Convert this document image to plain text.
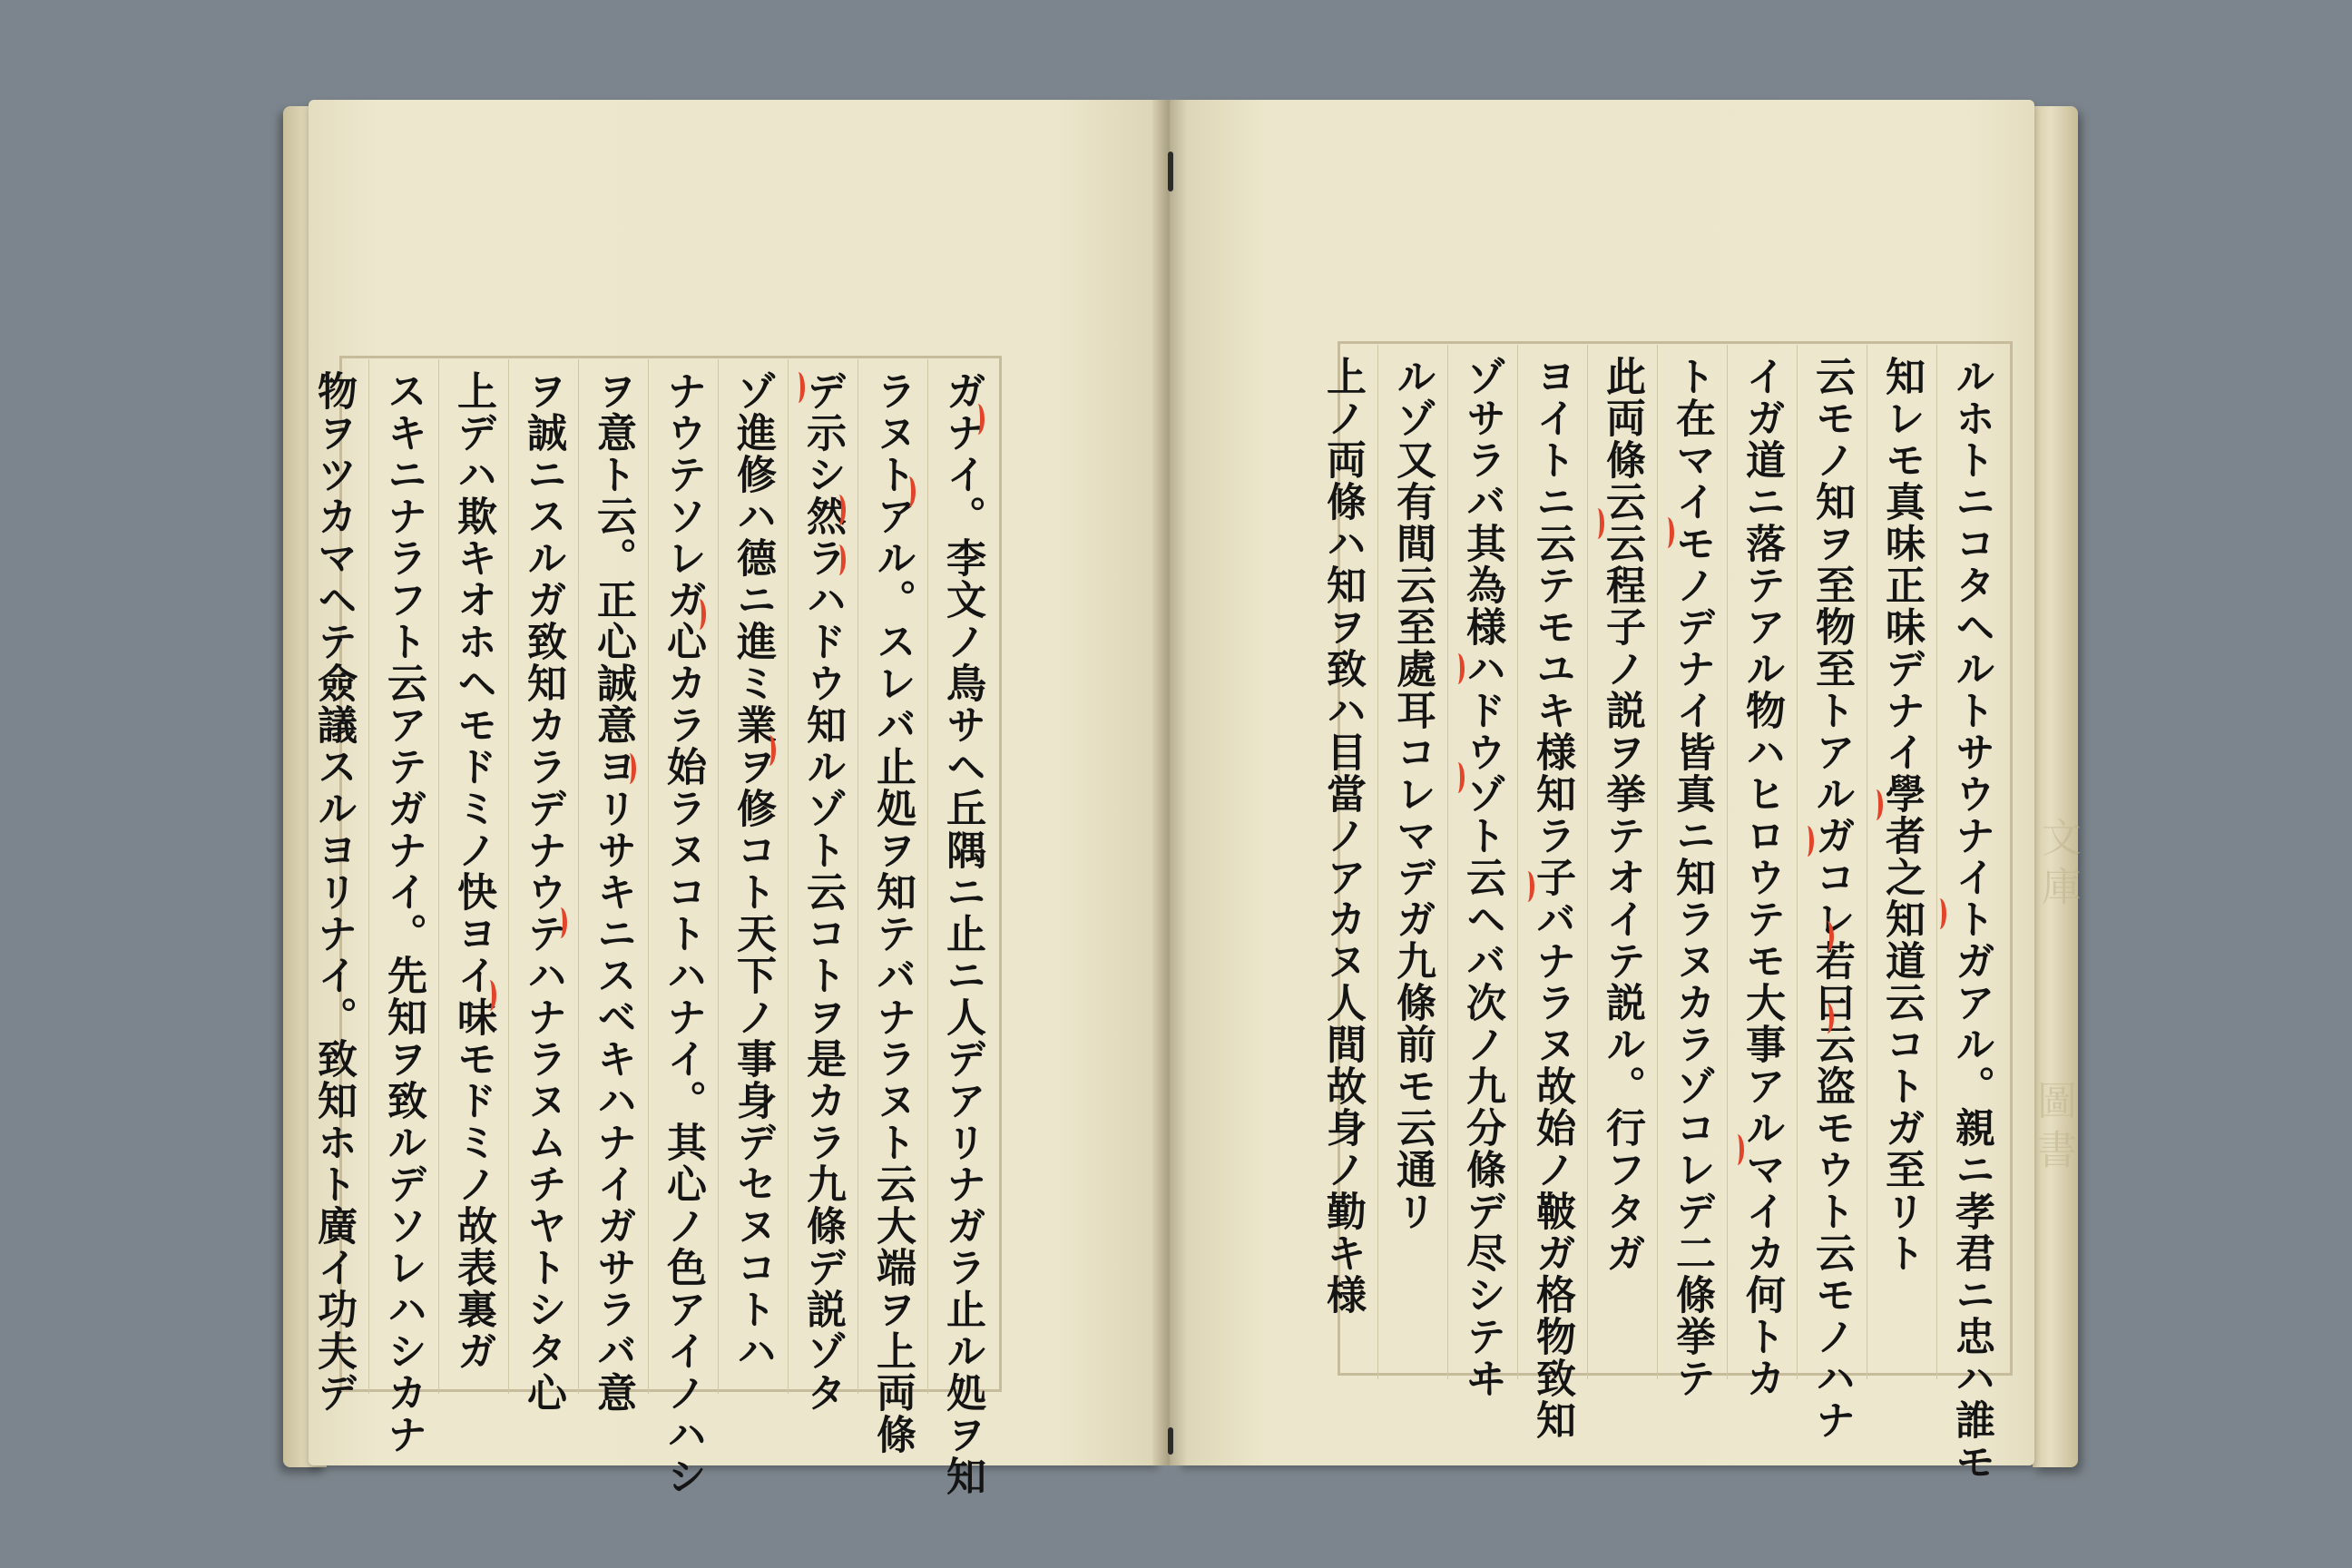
圖書
文庫
ガナイ。李文ノ鳥サヘ丘隅ニ止ニ人デアリナガラ止ル処ヲ知
ラヌトアル。スレバ止処ヲ知テバナラヌト云大端ヲ上両條
デ示シ然ラハドウ知ルゾト云コトヲ是カラ九條デ説ゾタ
ゾ進修ハ德ニ進ミ業ヲ修コト天下ノ事身デセヌコトハ
ナウテソレガ心カラ始ラヌコトハナイ。其心ノ色アイノハシ
ヲ意ト云。正心誠意ヨリサキニスベキハナイガサラバ意
ヲ誠ニスルガ致知カラデナウテハナラヌムチヤトシタ心
上デハ欺キオホヘモドミノ快ヨイ味モドミノ故表裏ガ
スキニナラフト云アテガナイ。先知ヲ致ルデソレハシカナ
物ヲツカマヘテ僉議スルヨリナイ。致知ホト廣イ功夫デ	ルホトニコタヘルトサウナイトガアル。親ニ孝君ニ忠ハ誰モ
知レモ真味正味デナイ學者之知道云コトガ至リト
云モノ知ヲ至物至トアルガコレ若曰云盗モウト云モノハナ
イガ道ニ落テアル物ハヒロウテモ大事アルマイカ何トカ
ト在マイモノデナイ皆真ニ知ラヌカラゾコレデ二條挙テ
此両條云云程子ノ説ヲ挙テオイテ説ル。行フタガ
ヨイトニ云テモユキ様知ラ子バナラヌ故始ノ鞁ガ格物致知
ゾサラバ其為様ハドウゾト云ヘバ次ノ九分條デ尽シテヰ
ルゾ又有間云至處耳コレマデガ九條前モ云通リ
上ノ両條ハ知ヲ致ハ目當ノアカヌ人間故身ノ勤キ様
